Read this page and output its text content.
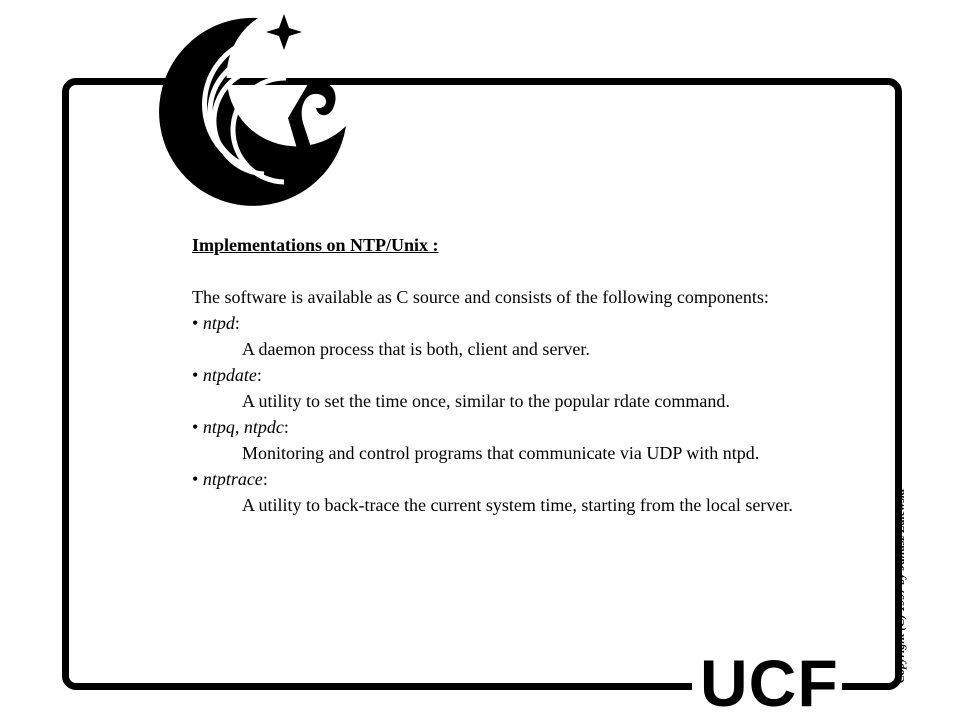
UCF	Copyright (C) 1997 by Janusz Zalewski
Implementations on NTP/Unix :
The software is available as C source and consists of the following components:
• ntpd:
A daemon process that is both, client and server.
• ntpdate:
A utility to set the time once, similar to the popular rdate command.
• ntpq, ntpdc:
Monitoring and control programs that communicate via UDP with ntpd.
• ntptrace:
A utility to back-trace the current system time, starting from the local server.
